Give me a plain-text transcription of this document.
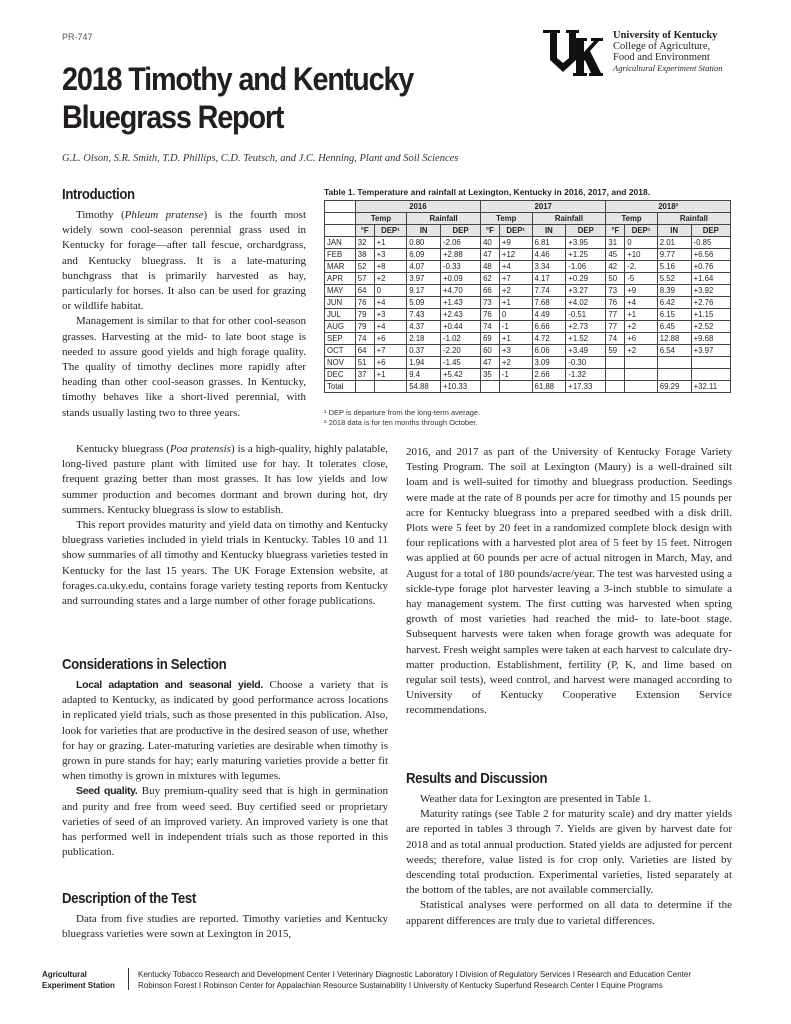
PR-747	University of Kentucky
College of Agriculture,
Food and Environment
Agricultural Experiment Station
2018 Timothy and Kentucky
Bluegrass Report
G.L. Olson, S.R. Smith, T.D. Phillips, C.D. Teutsch, and J.C. Henning, Plant and Soil Sciences
Introduction

Timothy (Phleum pratense) is the fourth most widely sown cool-season perennial grass used in Kentucky for forage—after tall fescue, orchardgrass, and Kentucky bluegrass. It is a late-maturing bunchgrass that is primarily harvested as hay, particularly for horses. It also can be used for grazing or wildlife habitat.

Management is similar to that for other cool-season grasses. Harvesting at the mid- to late boot stage is needed to assure good yields and high forage quality. The quality of timothy declines more rapidly after heading than other cool-season grasses. In Kentucky, timothy behaves like a short-lived perennial, with stands usually lasting two to three years.

Kentucky bluegrass (Poa pratensis) is a high-quality, highly palatable, long-lived pasture plant with limited use for hay. It tolerates close, frequent grazing better than most grasses. It has low yields and low summer production and becomes dormant and brown during hot, dry summers. Kentucky bluegrass is slow to establish.

This report provides maturity and yield data on timothy and Kentucky bluegrass varieties included in yield trials in Kentucky. Tables 10 and 11 show summaries of all timothy and Kentucky bluegrass varieties tested in Kentucky for the last 15 years. The UK Forage Extension website, at forages.ca.uky.edu, contains forage variety testing reports from Kentucky and surrounding states and a large number of other forage publications.

Considerations in Selection

Local adaptation and seasonal yield. Choose a variety that is adapted to Kentucky, as indicated by good performance across locations in replicated yield trials, such as those presented in this publication. Also, look for varieties that are productive in the desired season of use, whether for hay or grazing. Later-maturing varieties are desirable when timothy is grown in pure stands for hay; early maturing varieties provide a better fit when timothy is grown in mixtures with legumes.

Seed quality. Buy premium-quality seed that is high in germination and purity and free from weed seed. Buy certified seed or proprietary varieties of seed of an improved variety. An improved variety is one that has performed well in independent trials such as those reported in this publication.

Description of the Test

Data from five studies are reported. Timothy varieties and Kentucky bluegrass varieties were sown at Lexington in 2015,

2016, and 2017 as part of the University of Kentucky Forage Variety Testing Program. The soil at Lexington (Maury) is a well-drained silt loam and is well-suited for timothy and bluegrass production. Seedings were made at the rate of 8 pounds per acre for timothy and 15 pounds per acre for Kentucky bluegrass into a prepared seedbed with a disk drill. Plots were 5 feet by 20 feet in a randomized complete block design with four replications with a harvested plot area of 5 feet by 15 feet. Nitrogen was applied at 60 pounds per acre of actual nitrogen in March, May, and August for a total of 180 pounds/acre/year. The test was harvested using a sickle-type forage plot harvester leaving a 3-inch stubble to simulate a hay management system. The first cutting was harvested when spring growth of most varieties had reached the mid- to late-boot stage. Subsequent harvests were taken when forage growth was adequate for harvest. Fresh weight samples were taken at each harvest to calculate dry-matter production. Establishment, fertility (P, K, and lime based on regular soil tests), weed control, and harvest were managed according to University of Kentucky Cooperative Extension Service recommendations.

Results and Discussion

Weather data for Lexington are presented in Table 1.

Maturity ratings (see Table 2 for maturity scale) and dry matter yields are reported in tables 3 through 7. Yields are given by harvest date for 2018 and as total annual production. Stated yields are adjusted for percent weeds; therefore, value listed is for crop only. Varieties are listed by descending total production. Experimental varieties, listed separately at the bottom of the tables, are not available commercially.

Statistical analyses were performed on all data to determine if the apparent differences are truly due to varietal differences.

Table 1. Temperature and rainfall at Lexington, Kentucky in 2016, 2017, and 2018.
	2016				2017				2018²			
	Temp		Rainfall		Temp		Rainfall		Temp		Rainfall	
	°F	DEP¹	IN	DEP	°F	DEP¹	IN	DEP	°F	DEP¹	IN	DEP
JAN	32	+1	0.80	-2.06	40	+9	6.81	+3.95	31	0	2.01	-0.85
FEB	38	+3	6.09	+2.88	47	+12	4.46	+1.25	45	+10	9.77	+6.56
MAR	52	+8	4.07	-0.33	48	+4	3.34	-1.06	42	-2.	5.16	+0.76
APR	57	+2	3.97	+0.09	62	+7	4.17	+0.29	50	-5	5.52	+1.64
MAY	64	0	9.17	+4.70	66	+2	7.74	+3.27	73	+9	8.39	+3.92
JUN	76	+4	5.09	+1.43	73	+1	7.68	+4.02	76	+4	6.42	+2.76
JUL	79	+3	7.43	+2.43	76	0	4.49	-0.51	77	+1	6.15	+1.15
AUG	79	+4	4.37	+0.44	74	-1	6.66	+2.73	77	+2	6.45	+2.52
SEP	74	+6	2.18	-1.02	69	+1	4.72	+1.52	74	+6	12.88	+9.68
OCT	64	+7	0.37	-2.20	60	+3	6.06	+3.49	59	+2	6.54	+3.97
NOV	51	+6	1.94	-1.45	47	+2	3.09	-0.30				
DEC	37	+1	9.4	+5.42	35	-1	2.66	-1.32				
Total			54.88	+10.33			61.88	+17.33			69.29	+32.11
¹ DEP is departure from the long-term average.
² 2018 data is for ten months through October.
Agricultural
Experiment Station
Kentucky Tobacco Research and Development Center I Veterinary Diagnostic Laboratory I Division of Regulatory Services I Research and Education Center
Robinson Forest I Robinson Center for Appalachian Resource Sustainability I University of Kentucky Superfund Research Center I Equine Programs
